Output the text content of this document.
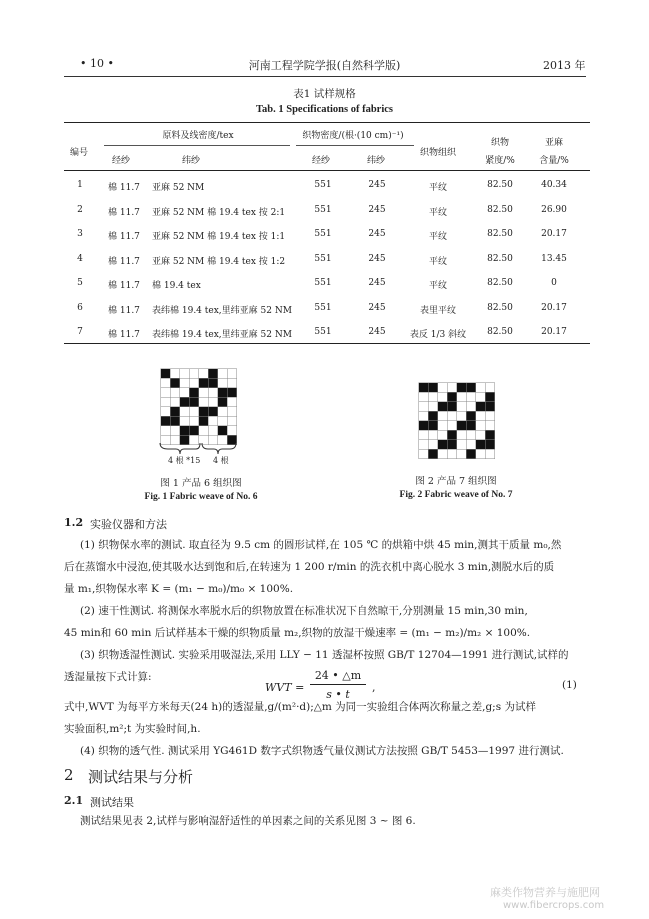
• 10 •	河南工程学院学报(自然科学版)	2013 年
表1 试样规格
Tab. 1 Specifications of fabrics
编号
原料及线密度/tex
经纱	纬纱
织物密度/(根·(10 cm)⁻¹)
经纱	纬纱
织物组织
织物
紧度/%
亚麻
含量/%
1	棉 11.7	亚麻 52 NM	551	245	平纹	82.50	40.34
2	棉 11.7	亚麻 52 NM 棉 19.4 tex 按 2:1	551	245	平纹	82.50	26.90
3	棉 11.7	亚麻 52 NM 棉 19.4 tex 按 1:1	551	245	平纹	82.50	20.17
4	棉 11.7	亚麻 52 NM 棉 19.4 tex 按 1:2	551	245	平纹	82.50	13.45
5	棉 11.7	棉 19.4 tex	551	245	平纹	82.50	0
6	棉 11.7	表纬棉 19.4 tex,里纬亚麻 52 NM	551	245	表里平纹	82.50	20.17
7	棉 11.7	表纬棉 19.4 tex,里纬亚麻 52 NM	551	245	表反 1/3 斜纹	82.50	20.17
4 根 *15 4 根
图 1 产品 6 组织图
Fig. 1 Fabric weave of No. 6
图 2 产品 7 组织图
Fig. 2 Fabric weave of No. 7
1.2 实验仪器和方法
(1) 织物保水率的测试. 取直径为 9.5 cm 的圆形试样,在 105 ℃ 的烘箱中烘 45 min,测其干质量 m₀,然
后在蒸馏水中浸泡,使其吸水达到饱和后,在转速为 1 200 r/min 的洗衣机中离心脱水 3 min,测脱水后的质
量 m₁,织物保水率 K = (m₁ − m₀)/m₀ × 100%.
(2) 速干性测试. 将测保水率脱水后的织物放置在标准状况下自然晾干,分别测量 15 min,30 min,
45 min和 60 min 后试样基本干燥的织物质量 m₂,织物的放湿干燥速率 = (m₁ − m₂)/m₂ × 100%.
(3) 织物透湿性测试. 实验采用吸湿法,采用 LLY − 11 透湿杯按照 GB/T 12704—1991 进行测试,试样的
透湿量按下式计算:
WVT =
24 • △m
s • t
,	(1)
式中,WVT 为每平方米每天(24 h)的透湿量,g/(m²·d);△m 为同一实验组合体两次称量之差,g;s 为试样
实验面积,m²;t 为实验时间,h.
(4) 织物的透气性. 测试采用 YG461D 数字式织物透气量仪测试方法按照 GB/T 5453—1997 进行测试.
2 测试结果与分析
2.1 测试结果
测试结果见表 2,试样与影响湿舒适性的单因素之间的关系见图 3 ~ 图 6.
麻类作物营养与施肥网
www.fibercrops.com
